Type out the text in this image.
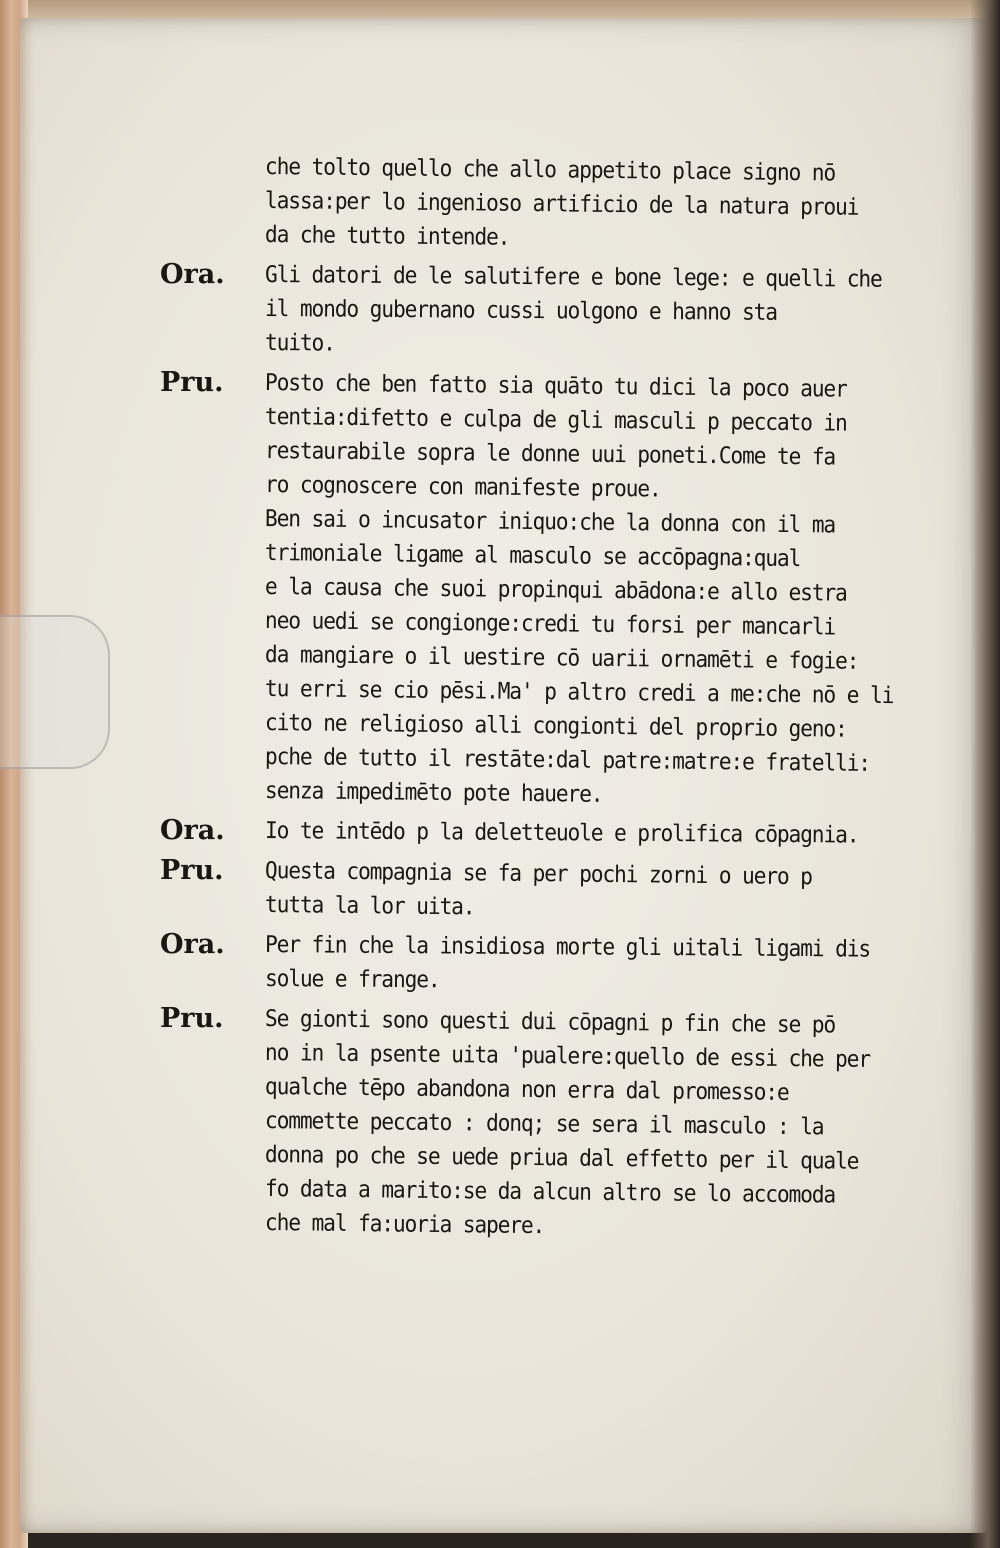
che tolto quello che allo appetito place signo nō
lassa:per lo ingenioso artificio de la natura proui
da che tutto intende.
Ora.	Gli datori de le salutifere e bone lege: e quelli che
il mondo gubernano cussi uolgono e hanno sta
tuito.
Pru.	Posto che ben fatto sia quāto tu dici la poco auer
tentia:difetto e culpa de gli masculi p peccato in
restaurabile sopra le donne uui poneti.Come te fa
ro cognoscere con manifeste proue.
Ben sai o incusator iniquo:che la donna con il ma
trimoniale ligame al masculo se accōpagna:qual
e la causa che suoi propinqui abādona:e allo estra
neo uedi se congionge:credi tu forsi per mancarli
da mangiare o il uestire cō uarii ornamēti e fogie:
tu erri se cio pēsi.Ma' p altro credi a me:che nō e li
cito ne religioso alli congionti del proprio geno:
pche de tutto il restāte:dal patre:matre:e fratelli:
senza impedimēto pote hauere.
Ora.	Io te intēdo p la delettеuole e prolifica cōpagnia.
Pru.	Questa compagnia se fa per pochi zorni o uero p
tutta la lor uita.
Ora.	Per fin che la insidiosa morte gli uitali ligami dis
solue e frange.
Pru.	Se gionti sono questi dui cōpagni p fin che se pō
no in la psente uita 'pualere:quello de essi che per
qualche tēpo abandona non erra dal promesso:e
commette peccato : donq; se sera il masculo : la
donna po che se uede priua dal effetto per il quale
fo data a marito:se da alcun altro se lo accomoda
che mal fa:uoria sapere.
